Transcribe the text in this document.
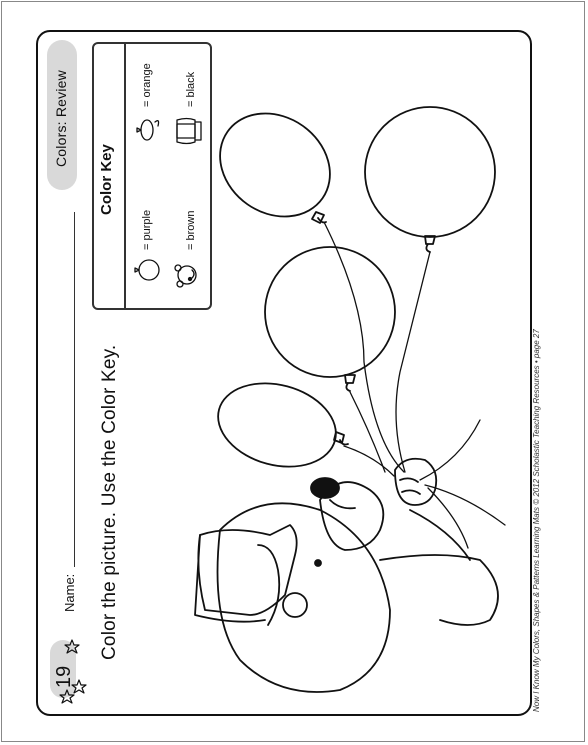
Colors: Review
Name:
19
Color the picture. Use the Color Key.
Color Key
= purple
= orange
= brown
= black
Now I Know My Colors, Shapes & Patterns Learning Mats © 2012 Scholastic Teaching Resources • page 27
